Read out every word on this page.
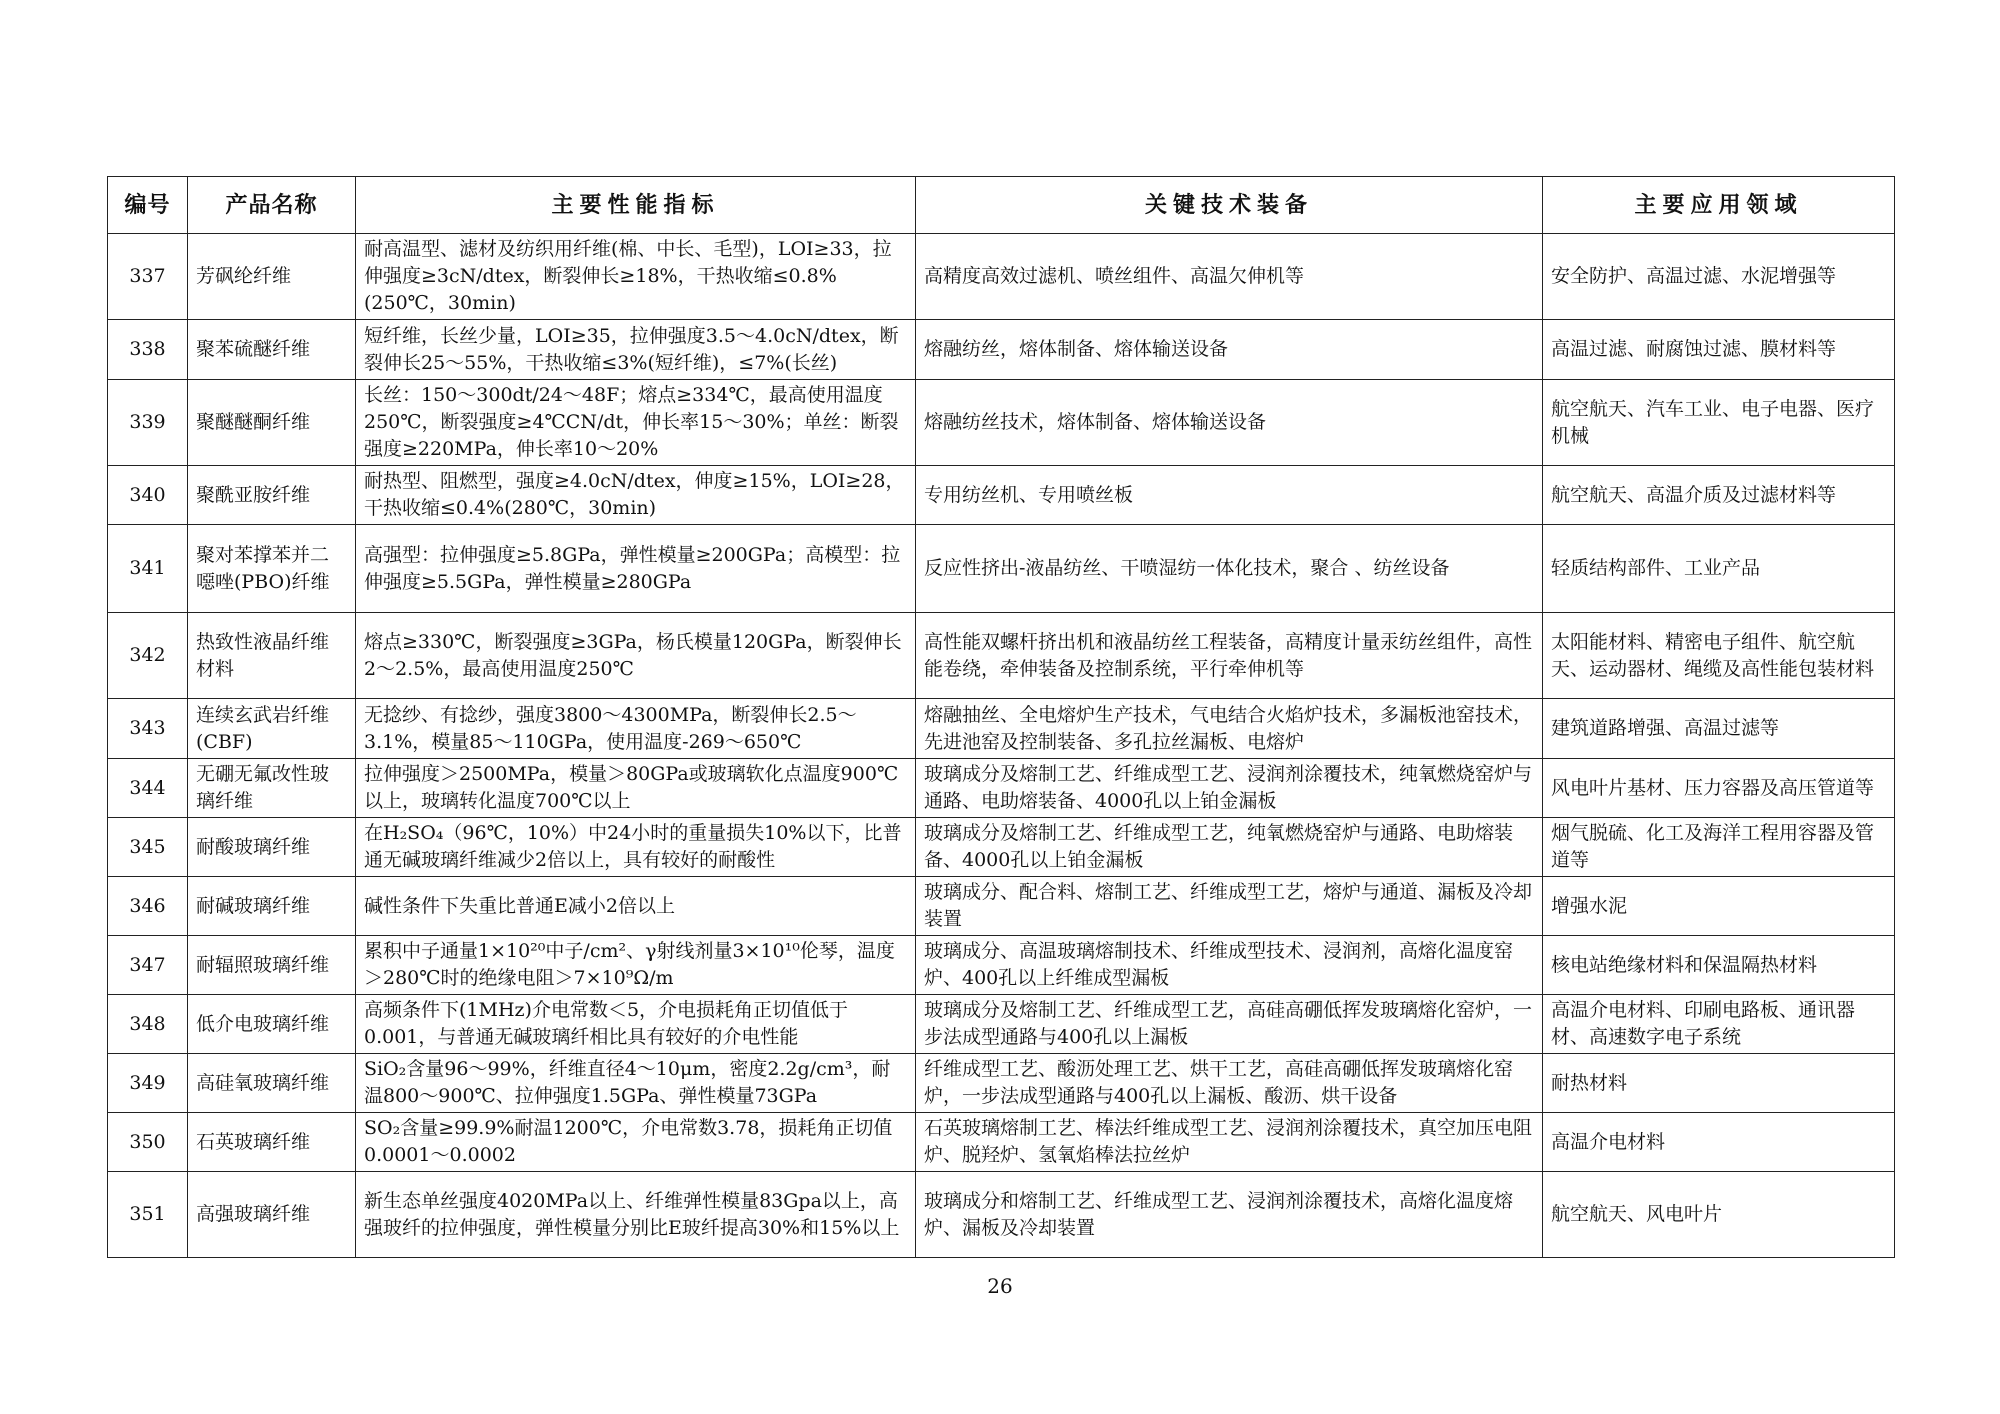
编号	产品名称	主要性能指标	关键技术装备	主要应用领域
337	芳砜纶纤维	耐高温型、滤材及纺织用纤维(棉、中长、毛型)，LOI≥33，拉伸强度≥3cN/dtex，断裂伸长≥18%，干热收缩≤0.8%(250℃，30min)	高精度高效过滤机、喷丝组件、高温欠伸机等	安全防护、高温过滤、水泥增强等
338	聚苯硫醚纤维	短纤维，长丝少量，LOI≥35，拉伸强度3.5～4.0cN/dtex，断裂伸长25～55%，干热收缩≤3%(短纤维)，≤7%(长丝)	熔融纺丝，熔体制备、熔体输送设备	高温过滤、耐腐蚀过滤、膜材料等
339	聚醚醚酮纤维	长丝：150～300dt/24～48F；熔点≥334℃，最高使用温度250℃，断裂强度≥4℃CN/dt，伸长率15～30%；单丝：断裂强度≥220MPa，伸长率10～20%	熔融纺丝技术，熔体制备、熔体输送设备	航空航天、汽车工业、电子电器、医疗机械
340	聚酰亚胺纤维	耐热型、阻燃型，强度≥4.0cN/dtex，伸度≥15%，LOI≥28，干热收缩≤0.4%(280℃，30min)	专用纺丝机、专用喷丝板	航空航天、高温介质及过滤材料等
341	聚对苯撑苯并二噁唑(PBO)纤维	高强型：拉伸强度≥5.8GPa，弹性模量≥200GPa；高模型：拉伸强度≥5.5GPa，弹性模量≥280GPa	反应性挤出-液晶纺丝、干喷湿纺一体化技术，聚合 、纺丝设备	轻质结构部件、工业产品
342	热致性液晶纤维材料	熔点≥330℃，断裂强度≥3GPa，杨氏模量120GPa，断裂伸长2～2.5%，最高使用温度250℃	高性能双螺杆挤出机和液晶纺丝工程装备，高精度计量汞纺丝组件，高性能卷绕，牵伸装备及控制系统，平行牵伸机等	太阳能材料、精密电子组件、航空航天、运动器材、绳缆及高性能包装材料
343	连续玄武岩纤维(CBF)	无捻纱、有捻纱，强度3800～4300MPa，断裂伸长2.5～3.1%，模量85～110GPa，使用温度-269～650℃	熔融抽丝、全电熔炉生产技术，气电结合火焰炉技术，多漏板池窑技术，先进池窑及控制装备、多孔拉丝漏板、电熔炉	建筑道路增强、高温过滤等
344	无硼无氟改性玻璃纤维	拉伸强度＞2500MPa，模量＞80GPa或玻璃软化点温度900℃以上，玻璃转化温度700℃以上	玻璃成分及熔制工艺、纤维成型工艺、浸润剂涂覆技术，纯氧燃烧窑炉与通路、电助熔装备、4000孔以上铂金漏板	风电叶片基材、压力容器及高压管道等
345	耐酸玻璃纤维	在H₂SO₄（96℃，10%）中24小时的重量损失10%以下，比普通无碱玻璃纤维减少2倍以上，具有较好的耐酸性	玻璃成分及熔制工艺、纤维成型工艺，纯氧燃烧窑炉与通路、电助熔装备、4000孔以上铂金漏板	烟气脱硫、化工及海洋工程用容器及管道等
346	耐碱玻璃纤维	碱性条件下失重比普通E减小2倍以上	玻璃成分、配合料、熔制工艺、纤维成型工艺，熔炉与通道、漏板及冷却装置	增强水泥
347	耐辐照玻璃纤维	累积中子通量1×10²⁰中子/cm²、γ射线剂量3×10¹⁰伦琴，温度＞280℃时的绝缘电阻＞7×10⁹Ω/m	玻璃成分、高温玻璃熔制技术、纤维成型技术、浸润剂，高熔化温度窑炉、400孔以上纤维成型漏板	核电站绝缘材料和保温隔热材料
348	低介电玻璃纤维	高频条件下(1MHz)介电常数＜5，介电损耗角正切值低于0.001，与普通无碱玻璃纤相比具有较好的介电性能	玻璃成分及熔制工艺、纤维成型工艺，高硅高硼低挥发玻璃熔化窑炉，一步法成型通路与400孔以上漏板	高温介电材料、印刷电路板、通讯器材、高速数字电子系统
349	高硅氧玻璃纤维	SiO₂含量96～99%，纤维直径4～10μm，密度2.2g/cm³，耐温800～900℃、拉伸强度1.5GPa、弹性模量73GPa	纤维成型工艺、酸沥处理工艺、烘干工艺，高硅高硼低挥发玻璃熔化窑炉，一步法成型通路与400孔以上漏板、酸沥、烘干设备	耐热材料
350	石英玻璃纤维	SO₂含量≥99.9%耐温1200℃，介电常数3.78，损耗角正切值0.0001～0.0002	石英玻璃熔制工艺、棒法纤维成型工艺、浸润剂涂覆技术，真空加压电阻炉、脱羟炉、氢氧焰棒法拉丝炉	高温介电材料
351	高强玻璃纤维	新生态单丝强度4020MPa以上、纤维弹性模量83Gpa以上，高强玻纤的拉伸强度，弹性模量分别比E玻纤提高30%和15%以上	玻璃成分和熔制工艺、纤维成型工艺、浸润剂涂覆技术，高熔化温度熔炉、漏板及冷却装置	航空航天、风电叶片
26
